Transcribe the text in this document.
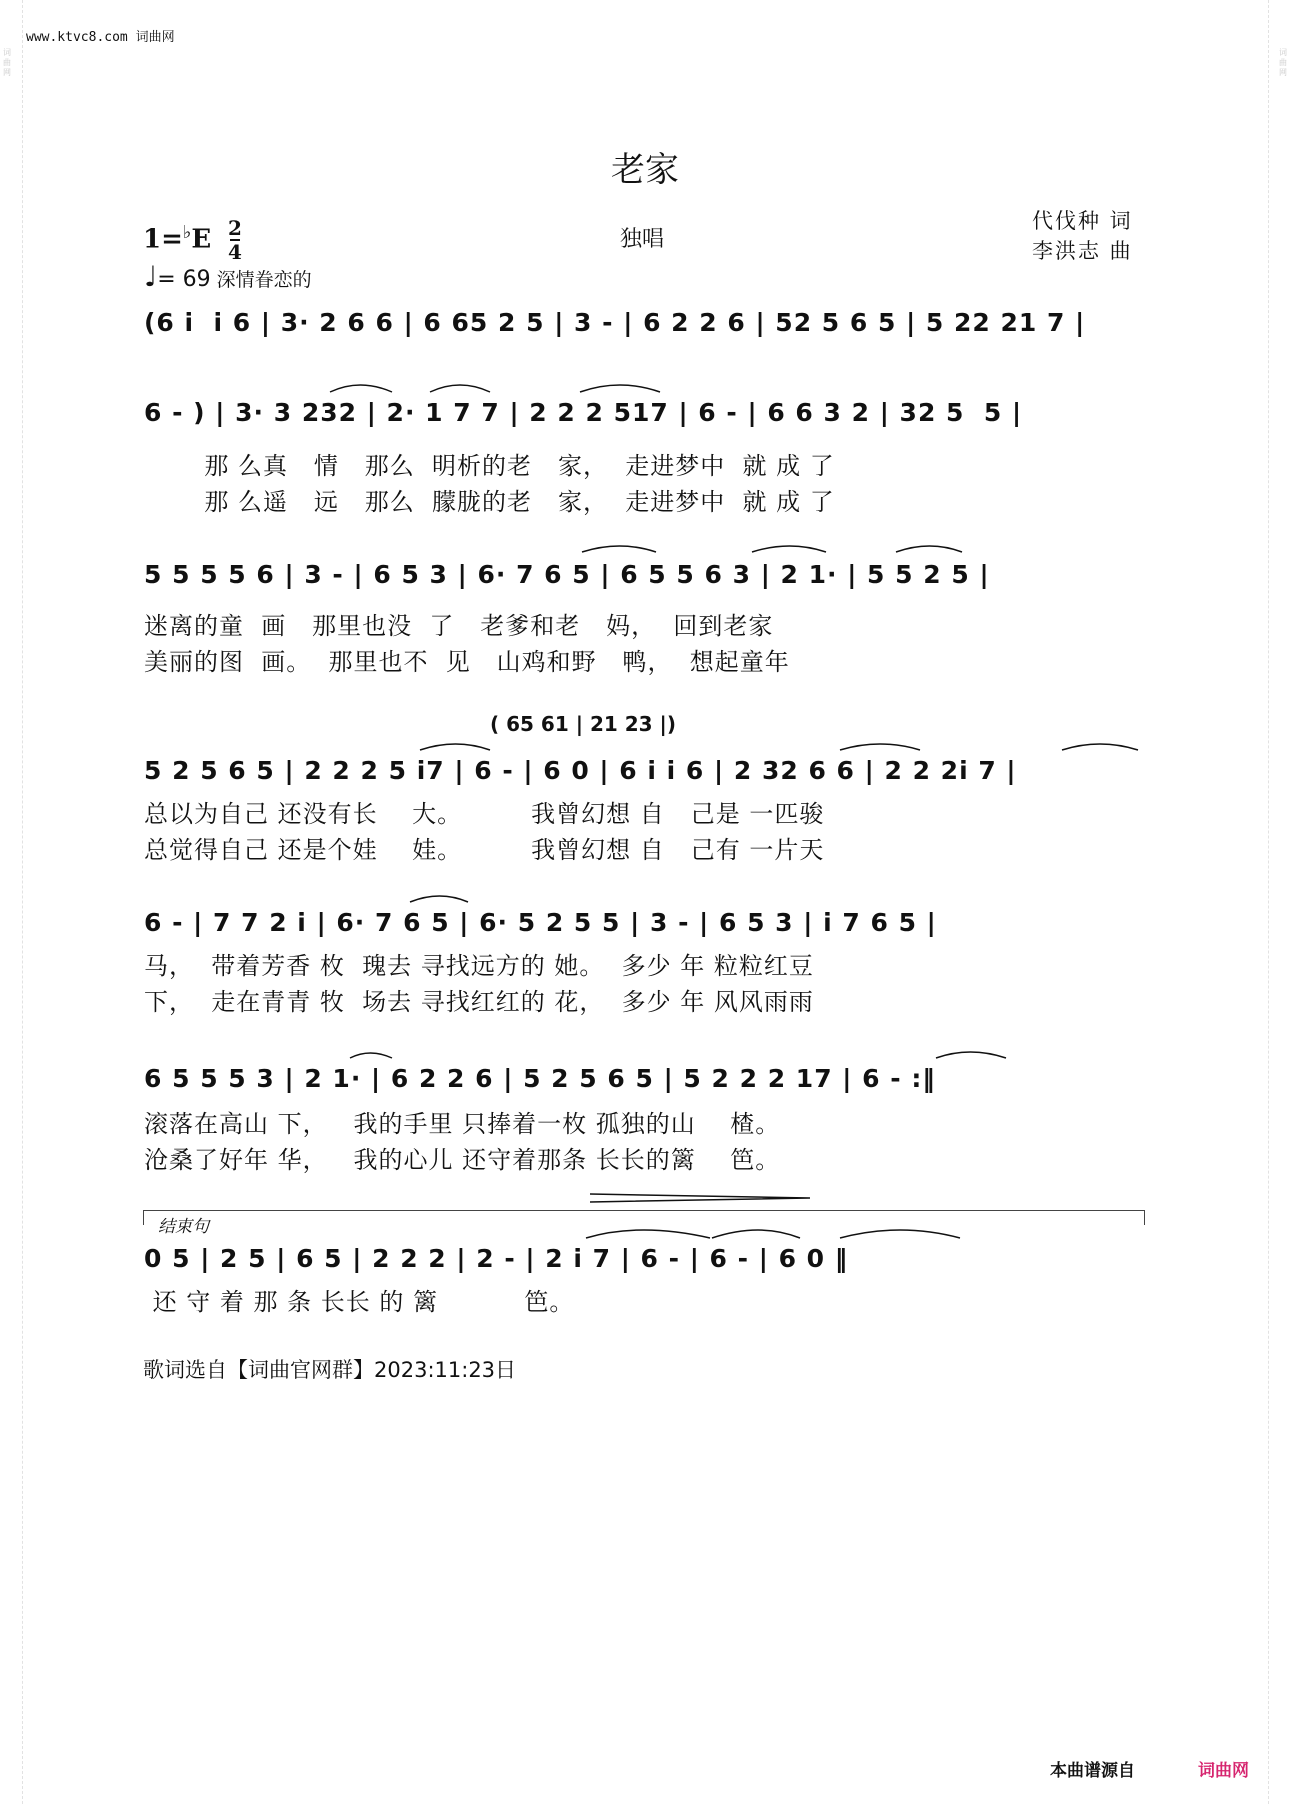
词
曲
网
词
曲
网
www.ktvc8.com 词曲网
老家
独唱
代伐种 词
李洪志 曲
1=♭E 2
4
♩= 69 深情眷恋的
(6 i  i 6 | 3· 2 6 6 | 6 65 2 5 | 3 - | 6 2 2 6 | 52 5 6 5 | 5 22 21 7 |
6 - ) | 3· 3 232 | 2· 1 7 7 | 2 2 2 517 | 6 - | 6 6 3 2 | 32 5  5 |
那 么真   情   那么  明析的老   家，  走进梦中  就 成 了
那 么遥   远   那么  朦胧的老   家，  走进梦中  就 成 了
5 5 5 5 6 | 3 - | 6 5 3 | 6· 7 6 5 | 6 5 5 6 3 | 2 1· | 5 5 2 5 |
迷离的童  画   那里也没  了   老爹和老   妈，  回到老家
美丽的图  画。  那里也不  见   山鸡和野   鸭，  想起童年
( 65 61 | 21 23 |)
5 2 5 6 5 | 2 2 2 5 i7 | 6 - | 6 0 | 6 i i 6 | 2 32 6 6 | 2 2 2i 7 |
总以为自己 还没有长    大。        我曾幻想 自   己是 一匹骏
总觉得自己 还是个娃    娃。        我曾幻想 自   己有 一片天
6 - | 7 7 2 i | 6· 7 6 5 | 6· 5 2 5 5 | 3 - | 6 5 3 | i 7 6 5 |
马，  带着芳香 枚  瑰去 寻找远方的 她。  多少 年 粒粒红豆
下，  走在青青 牧  场去 寻找红红的 花，  多少 年 风风雨雨
6 5 5 5 3 | 2 1· | 6 2 2 6 | 5 2 5 6 5 | 5 2 2 2 17 | 6 - :‖
滚落在高山 下，   我的手里 只捧着一枚 孤独的山    楂。
沧桑了好年 华，   我的心儿 还守着那条 长长的篱    笆。
结束句
0 5 | 2 5 | 6 5 | 2 2 2 | 2 - | 2 i 7 | 6 - | 6 - | 6 0 ‖
还 守 着 那 条 长长 的 篱          笆。
歌词选自【词曲官网群】2023:11:23日
本曲谱源自	词曲网
